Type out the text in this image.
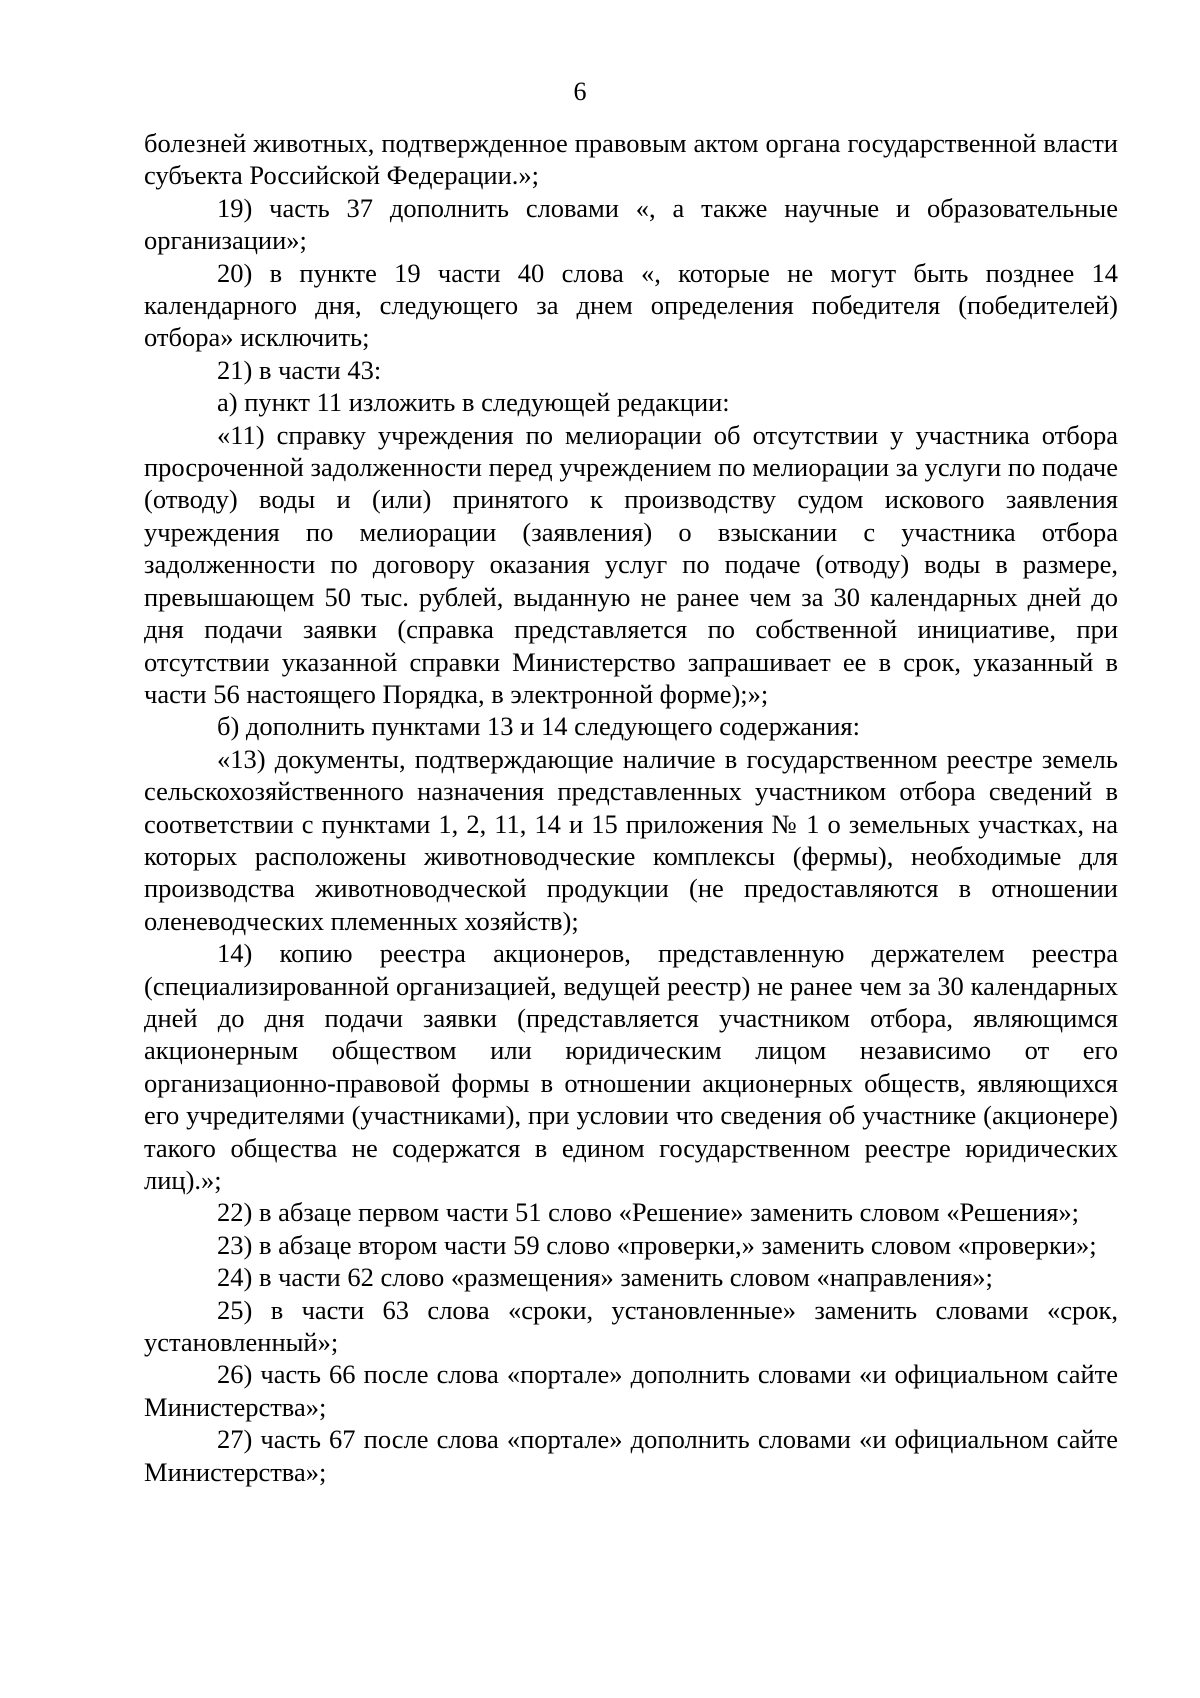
6

болезней животных, подтвержденное правовым актом органа государственной власти субъекта Российской Федерации.»;

19) часть 37 дополнить словами «, а также научные и образовательные организации»;

20) в пункте 19 части 40 слова «, которые не могут быть позднее 14 календарного дня, следующего за днем определения победителя (победителей) отбора» исключить;

21) в части 43:

а) пункт 11 изложить в следующей редакции:

«11) справку учреждения по мелиорации об отсутствии у участника отбора просроченной задолженности перед учреждением по мелиорации за услуги по подаче (отводу) воды и (или) принятого к производству судом искового заявления учреждения по мелиорации (заявления) о взыскании с участника отбора задолженности по договору оказания услуг по подаче (отводу) воды в размере, превышающем 50 тыс. рублей, выданную не ранее чем за 30 календарных дней до дня подачи заявки (справка представляется по собственной инициативе, при отсутствии указанной справки Министерство запрашивает ее в срок, указанный в части 56 настоящего Порядка, в электронной форме);»;

б) дополнить пунктами 13 и 14 следующего содержания:

«13) документы, подтверждающие наличие в государственном реестре земель сельскохозяйственного назначения представленных участником отбора сведений в соответствии с пунктами 1, 2, 11, 14 и 15 приложения № 1 о земельных участках, на которых расположены животноводческие комплексы (фермы), необходимые для производства животноводческой продукции (не предоставляются в отношении оленеводческих племенных хозяйств);

14) копию реестра акционеров, представленную держателем реестра (специализированной организацией, ведущей реестр) не ранее чем за 30 календарных дней до дня подачи заявки (представляется участником отбора, являющимся акционерным обществом или юридическим лицом независимо от его организационно-правовой формы в отношении акционерных обществ, являющихся его учредителями (участниками), при условии что сведения об участнике (акционере) такого общества не содержатся в едином государственном реестре юридических лиц).»;

22) в абзаце первом части 51 слово «Решение» заменить словом «Решения»;

23) в абзаце втором части 59 слово «проверки,» заменить словом «проверки»;

24) в части 62 слово «размещения» заменить словом «направления»;

25) в части 63 слова «сроки, установленные» заменить словами «срок, установленный»;

26) часть 66 после слова «портале» дополнить словами «и официальном сайте Министерства»;

27) часть 67 после слова «портале» дополнить словами «и официальном сайте Министерства»;
